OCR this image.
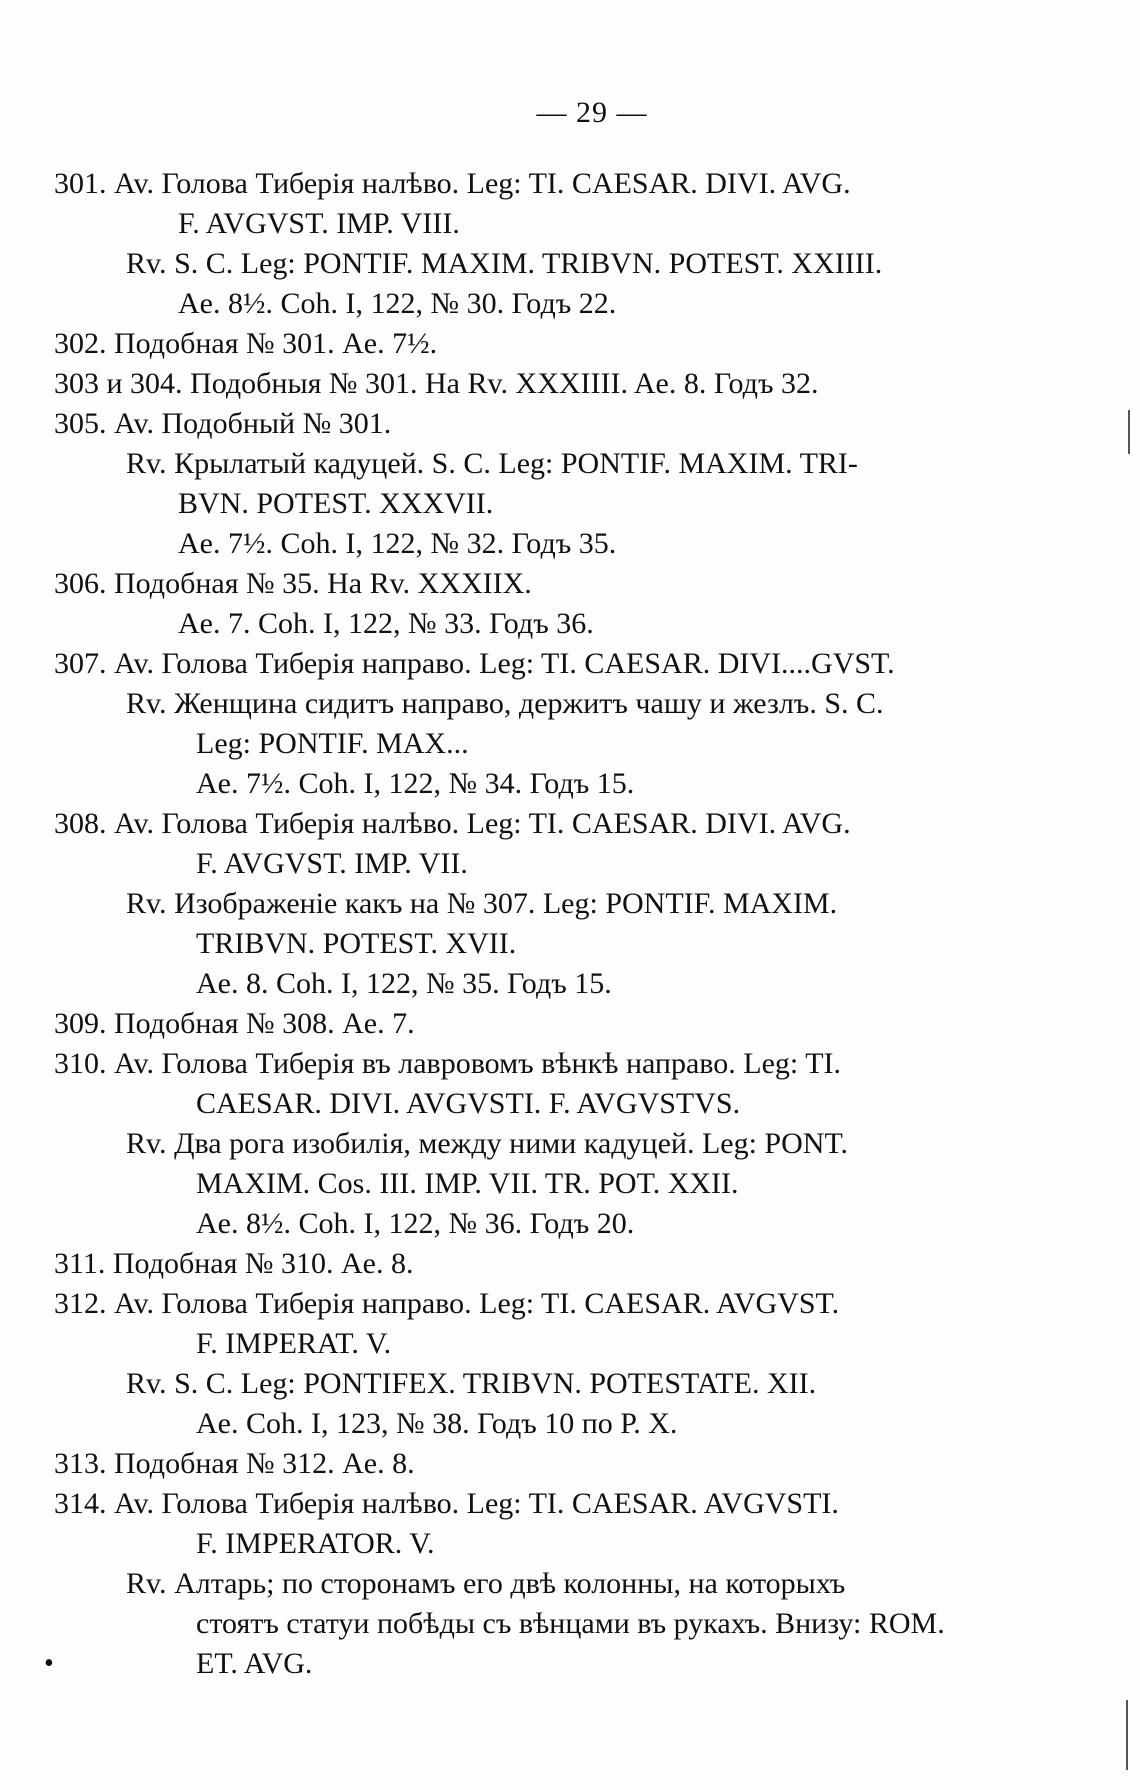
— 29 —
301. Av. Голова Тиберія налѣво. Leg: TI. CAESAR. DIVI. AVG.
F. AVGVST. IMP. VIII.
Rv. S. C. Leg: PONTIF. MAXIM. TRIBVN. POTEST. XXIIII.
Ae. 8½. Coh. I, 122, № 30. Годъ 22.
302. Подобная № 301. Ae. 7½.
303 и 304. Подобныя № 301. На Rv. XXXIIII. Ae. 8. Годъ 32.
305. Av. Подобный № 301.
Rv. Крылатый кадуцей. S. C. Leg: PONTIF. MAXIM. TRI-
BVN. POTEST. XXXVII.
Ae. 7½. Coh. I, 122, № 32. Годъ 35.
306. Подобная № 35. На Rv. XXXIIX.
Ae. 7. Coh. I, 122, № 33. Годъ 36.
307. Av. Голова Тиберія направо. Leg: TI. CAESAR. DIVI....GVST.
Rv. Женщина сидитъ направо, держитъ чашу и жезлъ. S. C.
Leg: PONTIF. MAX...
Ae. 7½. Coh. I, 122, № 34. Годъ 15.
308. Av. Голова Тиберія налѣво. Leg: TI. CAESAR. DIVI. AVG.
F. AVGVST. IMP. VII.
Rv. Изображеніе какъ на № 307. Leg: PONTIF. MAXIM.
TRIBVN. POTEST. XVII.
Ae. 8. Coh. I, 122, № 35. Годъ 15.
309. Подобная № 308. Ae. 7.
310. Av. Голова Тиберія въ лавровомъ вѣнкѣ направо. Leg: TI.
CAESAR. DIVI. AVGVSTI. F. AVGVSTVS.
Rv. Два рога изобилія, между ними кадуцей. Leg: PONT.
MAXIM. Cos. III. IMP. VII. TR. POT. XXII.
Ae. 8½. Coh. I, 122, № 36. Годъ 20.
311. Подобная № 310. Ae. 8.
312. Av. Голова Тиберія направо. Leg: TI. CAESAR. AVGVST.
F. IMPERAT. V.
Rv. S. C. Leg: PONTIFEX. TRIBVN. POTESTATE. XII.
Ae. Coh. I, 123, № 38. Годъ 10 по Р. X.
313. Подобная № 312. Ae. 8.
314. Av. Голова Тиберія налѣво. Leg: TI. CAESAR. AVGVSTI.
F. IMPERATOR. V.
Rv. Алтарь; по сторонамъ его двѣ колонны, на которыхъ
стоятъ статуи побѣды съ вѣнцами въ рукахъ. Внизу: ROM.
ET. AVG.
•
